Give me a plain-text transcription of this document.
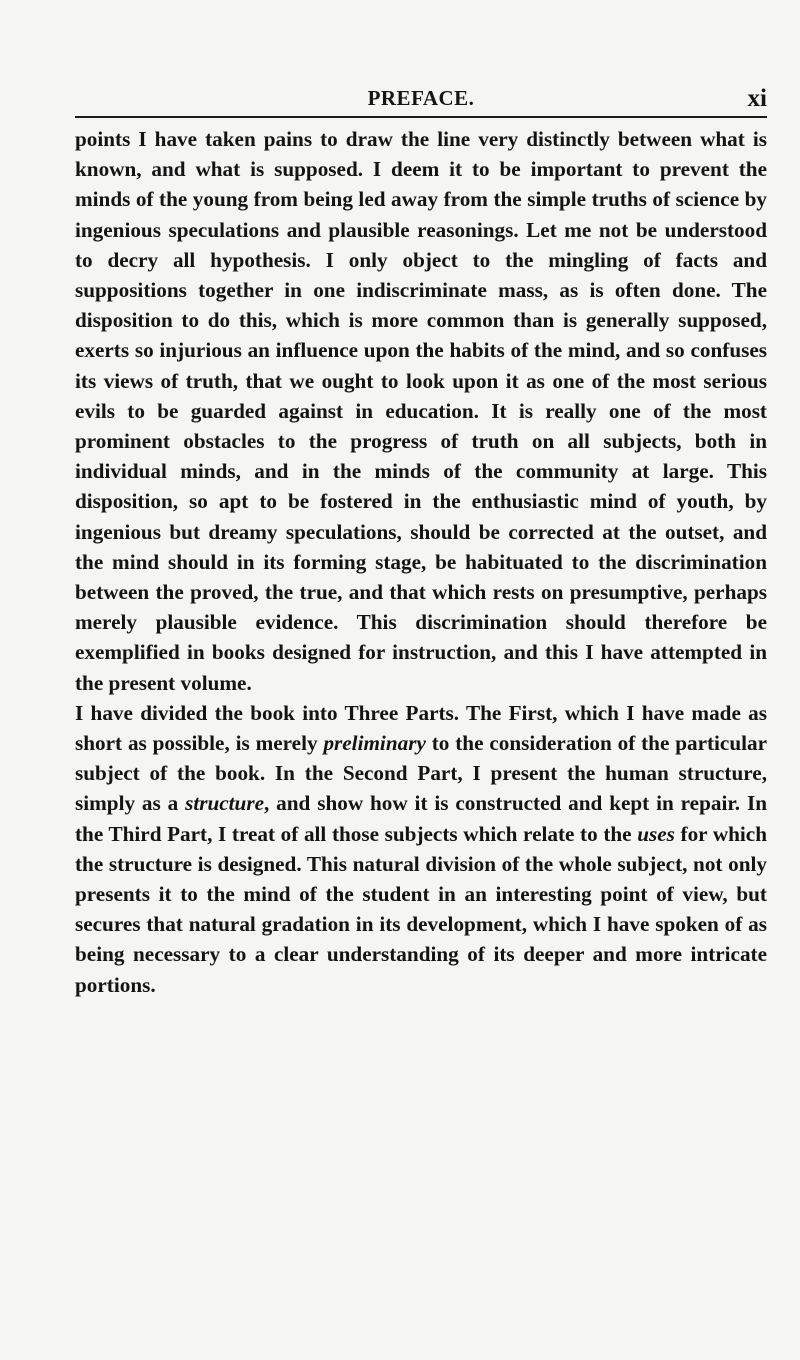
PREFACE.	xi

points I have taken pains to draw the line very distinctly between what is known, and what is supposed. I deem it to be important to prevent the minds of the young from being led away from the simple truths of science by ingenious speculations and plausible reasonings. Let me not be understood to decry all hypothesis. I only object to the mingling of facts and suppositions together in one indiscriminate mass, as is often done. The disposition to do this, which is more common than is generally supposed, exerts so injurious an influence upon the habits of the mind, and so confuses its views of truth, that we ought to look upon it as one of the most serious evils to be guarded against in education. It is really one of the most prominent obstacles to the progress of truth on all subjects, both in individual minds, and in the minds of the community at large. This disposition, so apt to be fostered in the enthusiastic mind of youth, by ingenious but dreamy speculations, should be corrected at the outset, and the mind should in its forming stage, be habituated to the discrimination between the proved, the true, and that which rests on presumptive, perhaps merely plausible evidence. This discrimination should therefore be exemplified in books designed for instruction, and this I have attempted in the present volume.

I have divided the book into Three Parts. The First, which I have made as short as possible, is merely preliminary to the consideration of the particular subject of the book. In the Second Part, I present the human structure, simply as a structure, and show how it is constructed and kept in repair. In the Third Part, I treat of all those subjects which relate to the uses for which the structure is designed. This natural division of the whole subject, not only presents it to the mind of the student in an interesting point of view, but secures that natural gradation in its development, which I have spoken of as being necessary to a clear understanding of its deeper and more intricate portions.
